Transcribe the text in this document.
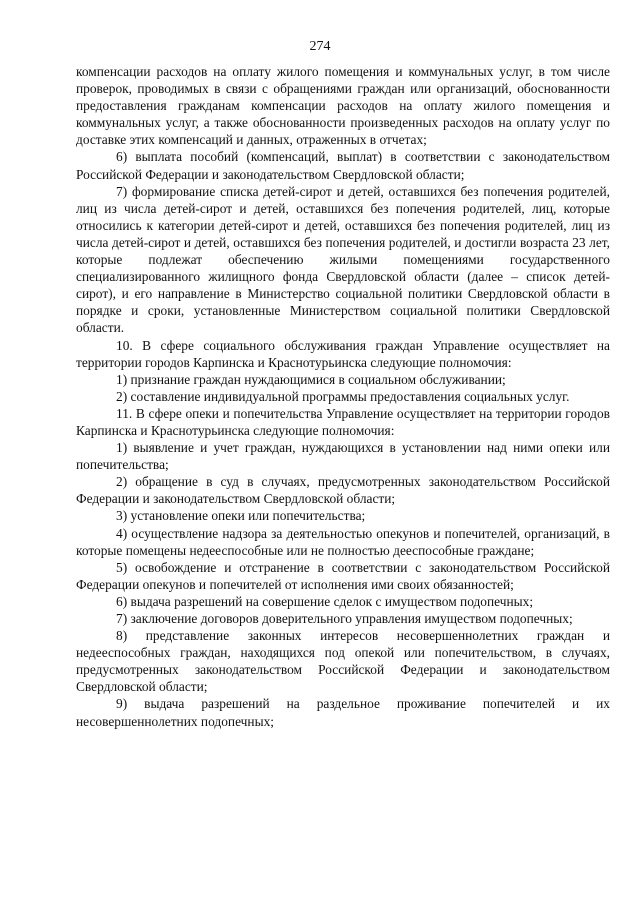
274

компенсации расходов на оплату жилого помещения и коммунальных услуг, в том числе проверок, проводимых в связи с обращениями граждан или организаций, обоснованности предоставления гражданам компенсации расходов на оплату жилого помещения и коммунальных услуг, а также обоснованности произведенных расходов на оплату услуг по доставке этих компенсаций и данных, отраженных в отчетах;

6) выплата пособий (компенсаций, выплат) в соответствии с законодательством Российской Федерации и законодательством Свердловской области;

7) формирование списка детей-сирот и детей, оставшихся без попечения родителей, лиц из числа детей-сирот и детей, оставшихся без попечения родителей, лиц, которые относились к категории детей-сирот и детей, оставшихся без попечения родителей, лиц из числа детей-сирот и детей, оставшихся без попечения родителей, и достигли возраста 23 лет, которые подлежат обеспечению жилыми помещениями государственного специализированного жилищного фонда Свердловской области (далее – список детей-сирот), и его направление в Министерство социальной политики Свердловской области в порядке и сроки, установленные Министерством социальной политики Свердловской области.

10. В сфере социального обслуживания граждан Управление осуществляет на территории городов Карпинска и Краснотурьинска следующие полномочия:

1) признание граждан нуждающимися в социальном обслуживании;

2) составление индивидуальной программы предоставления социальных услуг.

11. В сфере опеки и попечительства Управление осуществляет на территории городов Карпинска и Краснотурьинска следующие полномочия:

1) выявление и учет граждан, нуждающихся в установлении над ними опеки или попечительства;

2) обращение в суд в случаях, предусмотренных законодательством Российской Федерации и законодательством Свердловской области;

3) установление опеки или попечительства;

4) осуществление надзора за деятельностью опекунов и попечителей, организаций, в которые помещены недееспособные или не полностью дееспособные граждане;

5) освобождение и отстранение в соответствии с законодательством Российской Федерации опекунов и попечителей от исполнения ими своих обязанностей;

6) выдача разрешений на совершение сделок с имуществом подопечных;

7) заключение договоров доверительного управления имуществом подопечных;

8) представление законных интересов несовершеннолетних граждан и недееспособных граждан, находящихся под опекой или попечительством, в случаях, предусмотренных законодательством Российской Федерации и законодательством Свердловской области;

9) выдача разрешений на раздельное проживание попечителей и их несовершеннолетних подопечных;
